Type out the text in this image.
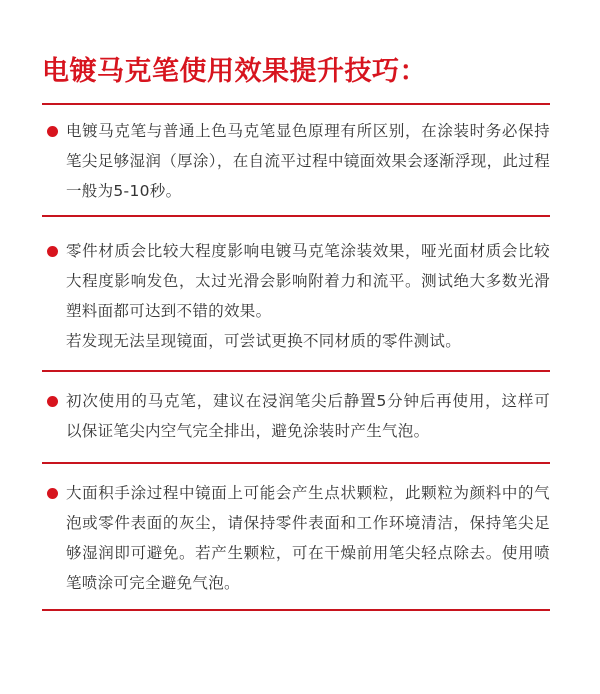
电镀马克笔使用效果提升技巧：

电镀马克笔与普通上色马克笔显色原理有所区别，在涂装时务必保持笔尖足够湿润（厚涂），在自流平过程中镜面效果会逐渐浮现，此过程一般为5-10秒。

零件材质会比较大程度影响电镀马克笔涂装效果，哑光面材质会比较大程度影响发色，太过光滑会影响附着力和流平。测试绝大多数光滑塑料面都可达到不错的效果。

若发现无法呈现镜面，可尝试更换不同材质的零件测试。

初次使用的马克笔，建议在浸润笔尖后静置5分钟后再使用，这样可以保证笔尖内空气完全排出，避免涂装时产生气泡。

大面积手涂过程中镜面上可能会产生点状颗粒，此颗粒为颜料中的气泡或零件表面的灰尘，请保持零件表面和工作环境清洁，保持笔尖足够湿润即可避免。若产生颗粒，可在干燥前用笔尖轻点除去。使用喷笔喷涂可完全避免气泡。
